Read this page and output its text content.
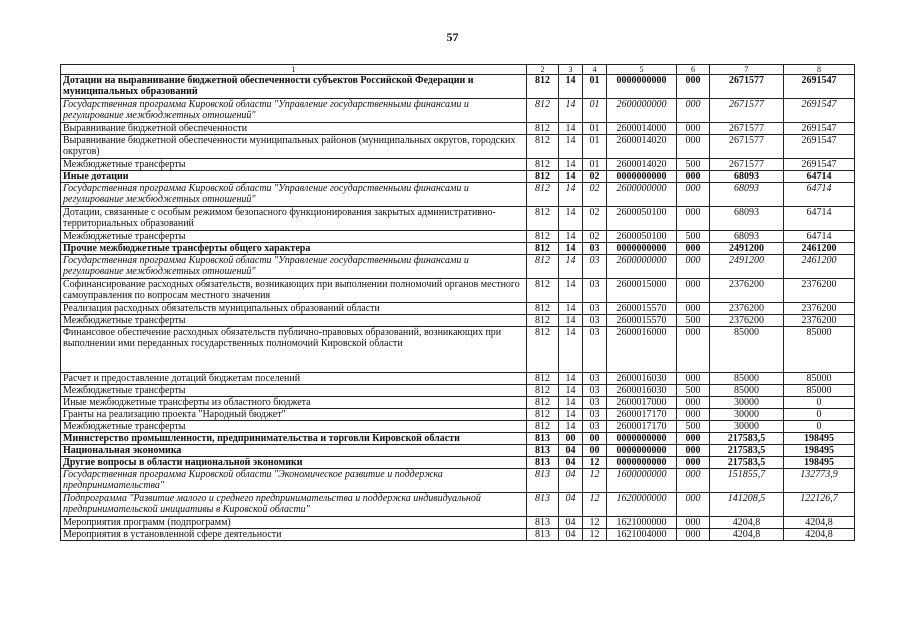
57
1	2	3	4	5	6	7	8
Дотации на выравнивание бюджетной обеспеченности субъектов Российской Федерации и муниципальных образований	812	14	01	0000000000	000	2671577	2691547
Государственная программа Кировской области "Управление государственными финансами и регулирование межбюджетных отношений"	812	14	01	2600000000	000	2671577	2691547
Выравнивание бюджетной обеспеченности	812	14	01	2600014000	000	2671577	2691547
Выравнивание бюджетной обеспеченности муниципальных районов (муниципальных округов, городских округов)	812	14	01	2600014020	000	2671577	2691547
Межбюджетные трансферты	812	14	01	2600014020	500	2671577	2691547
Иные дотации	812	14	02	0000000000	000	68093	64714
Государственная программа Кировской области "Управление государственными финансами и регулирование межбюджетных отношений"	812	14	02	2600000000	000	68093	64714
Дотации, связанные с особым режимом безопасного функционирования закрытых административно-территориальных образований	812	14	02	2600050100	000	68093	64714
Межбюджетные трансферты	812	14	02	2600050100	500	68093	64714
Прочие межбюджетные трансферты общего характера	812	14	03	0000000000	000	2491200	2461200
Государственная программа Кировской области "Управление государственными финансами и регулирование межбюджетных отношений"	812	14	03	2600000000	000	2491200	2461200
Софинансирование расходных обязательств, возникающих при выполнении полномочий органов местного самоуправления по вопросам местного значения	812	14	03	2600015000	000	2376200	2376200
Реализация расходных обязательств муниципальных образований области	812	14	03	2600015570	000	2376200	2376200
Межбюджетные трансферты	812	14	03	2600015570	500	2376200	2376200
Финансовое обеспечение расходных обязательств публично-правовых образований, возникающих при выполнении ими переданных государственных полномочий Кировской области	812	14	03	2600016000	000	85000	85000
Расчет и предоставление дотаций бюджетам поселений	812	14	03	2600016030	000	85000	85000
Межбюджетные трансферты	812	14	03	2600016030	500	85000	85000
Иные межбюджетные трансферты из областного бюджета	812	14	03	2600017000	000	30000	0
Гранты на реализацию проекта "Народный бюджет"	812	14	03	2600017170	000	30000	0
Межбюджетные трансферты	812	14	03	2600017170	500	30000	0
Министерство промышленности, предпринимательства и торговли Кировской области	813	00	00	0000000000	000	217583,5	198495
Национальная экономика	813	04	00	0000000000	000	217583,5	198495
Другие вопросы в области национальной экономики	813	04	12	0000000000	000	217583,5	198495
Государственная программа Кировской области "Экономическое развитие и поддержка предпринимательства"	813	04	12	1600000000	000	151855,7	132773,9
Подпрограмма "Развитие малого и среднего предпринимательства и поддержка индивидуальной предпринимательской инициативы в Кировской области"	813	04	12	1620000000	000	141208,5	122126,7
Мероприятия программ (подпрограмм)	813	04	12	1621000000	000	4204,8	4204,8
Мероприятия в установленной сфере деятельности	813	04	12	1621004000	000	4204,8	4204,8
